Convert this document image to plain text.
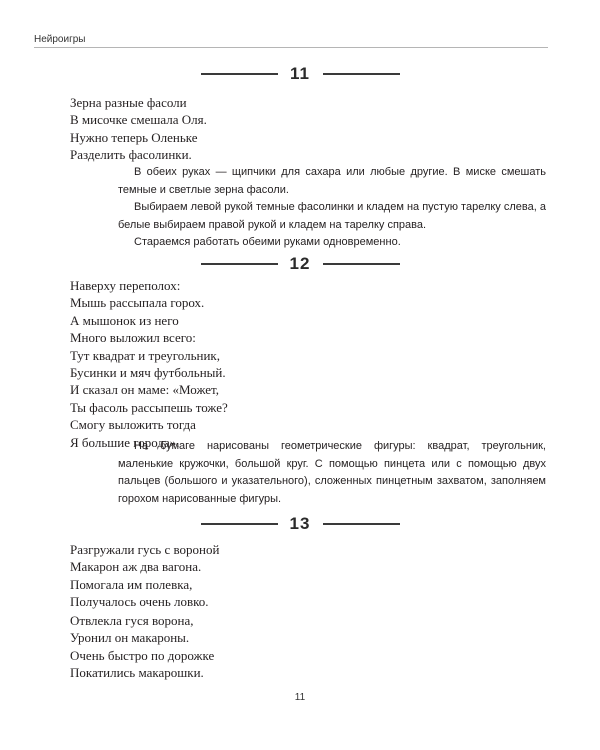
Нейроигры
11
Зерна разные фасоли
В мисочке смешала Оля.
Нужно теперь Оленьке
Разделить фасолинки.

В обеих руках — щипчики для сахара или любые другие. В миске смешать темные и светлые зерна фасоли.

Выбираем левой рукой темные фасолинки и кладем на пустую тарелку слева, а белые выбираем правой рукой и кладем на тарелку справа.

Стараемся работать обеими руками одновременно.

12
Наверху переполох:
Мышь рассыпала горох.
А мышонок из него
Много выложил всего:
Тут квадрат и треугольник,
Бусинки и мяч футбольный.
И сказал он маме: «Может,
Ты фасоль рассыпешь тоже?
Смогу выложить тогда
Я большие города».

На бумаге нарисованы геометрические фигуры: квадрат, треугольник, маленькие кружочки, большой круг. С помощью пинцета или с помощью двух пальцев (большого и указательного), сложенных пинцетным захватом, заполняем горохом нарисованные фигуры.

13
Разгружали гусь с вороной
Макарон аж два вагона.
Помогала им полевка,
Получалось очень ловко.
Отвлекла гуся ворона,
Уронил он макароны.
Очень быстро по дорожке
Покатились макарошки.
11
